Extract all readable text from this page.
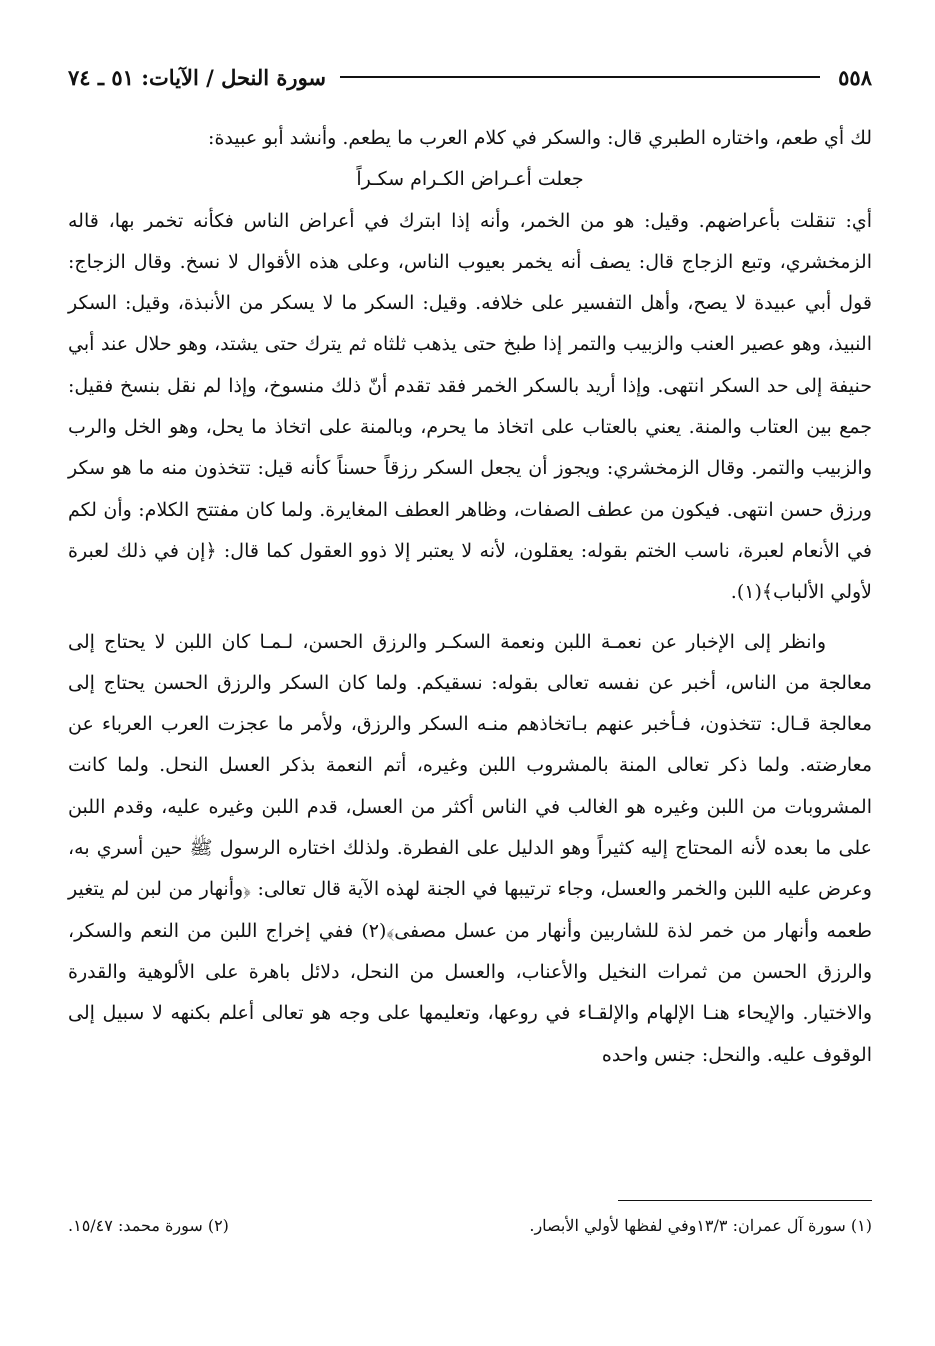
٥٥٨
سورة النحل / الآيات: ٥١ ـ ٧٤

لك أي طعم، واختاره الطبري قال: والسكر في كلام العرب ما يطعم. وأنشد أبو عبيدة:

جعلت أعـراض الكـرام سكـراً

أي: تنقلت بأعراضهم. وقيل: هو من الخمر، وأنه إذا ابترك في أعراض الناس فكأنه تخمر بها، قاله الزمخشري، وتبع الزجاج قال: يصف أنه يخمر بعيوب الناس، وعلى هذه الأقوال لا نسخ. وقال الزجاج: قول أبي عبيدة لا يصح، وأهل التفسير على خلافه. وقيل: السكر ما لا يسكر من الأنبذة، وقيل: السكر النبيذ، وهو عصير العنب والزبيب والتمر إذا طبخ حتى يذهب ثلثاه ثم يترك حتى يشتد، وهو حلال عند أبي حنيفة إلى حد السكر انتهى. وإذا أريد بالسكر الخمر فقد تقدم أنّ ذلك منسوخ، وإذا لم نقل بنسخ فقيل: جمع بين العتاب والمنة. يعني بالعتاب على اتخاذ ما يحرم، وبالمنة على اتخاذ ما يحل، وهو الخل والرب والزبيب والتمر. وقال الزمخشري: ويجوز أن يجعل السكر رزقاً حسناً كأنه قيل: تتخذون منه ما هو سكر ورزق حسن انتهى. فيكون من عطف الصفات، وظاهر العطف المغايرة. ولما كان مفتتح الكلام: وأن لكم في الأنعام لعبرة، ناسب الختم بقوله: يعقلون، لأنه لا يعتبر إلا ذوو العقول كما قال: ﴿إن في ذلك لعبرة لأولي الألباب﴾(١).

وانظر إلى الإخبار عن نعمـة اللبن ونعمة السكـر والرزق الحسن، لـمـا كان اللبن لا يحتاج إلى معالجة من الناس، أخبر عن نفسه تعالى بقوله: نسقيكم. ولما كان السكر والرزق الحسن يحتاج إلى معالجة قـال: تتخذون، فـأخبر عنهم بـاتخاذهم منـه السكر والرزق، ولأمر ما عجزت العرب العرباء عن معارضته. ولما ذكر تعالى المنة بالمشروب اللبن وغيره، أتم النعمة بذكر العسل النحل. ولما كانت المشروبات من اللبن وغيره هو الغالب في الناس أكثر من العسل، قدم اللبن وغيره عليه، وقدم اللبن على ما بعده لأنه المحتاج إليه كثيراً وهو الدليل على الفطرة. ولذلك اختاره الرسول ﷺ حين أسري به، وعرض عليه اللبن والخمر والعسل، وجاء ترتيبها في الجنة لهذه الآية قال تعالى: ﴿وأنهار من لبن لم يتغير طعمه وأنهار من خمر لذة للشاربين وأنهار من عسل مصفى﴾(٢) ففي إخراج اللبن من النعم والسكر، والرزق الحسن من ثمرات النخيل والأعناب، والعسل من النحل، دلائل باهرة على الألوهية والقدرة والاختيار. والإيحاء هنـا الإلهام والإلقـاء في روعها، وتعليمها على وجه هو تعالى أعلم بكنهه لا سبيل إلى الوقوف عليه. والنحل: جنس واحده

(١) سورة آل عمران: ١٣/٣وفي لفظها لأولي الأبصار.
(٢) سورة محمد: ١٥/٤٧.
